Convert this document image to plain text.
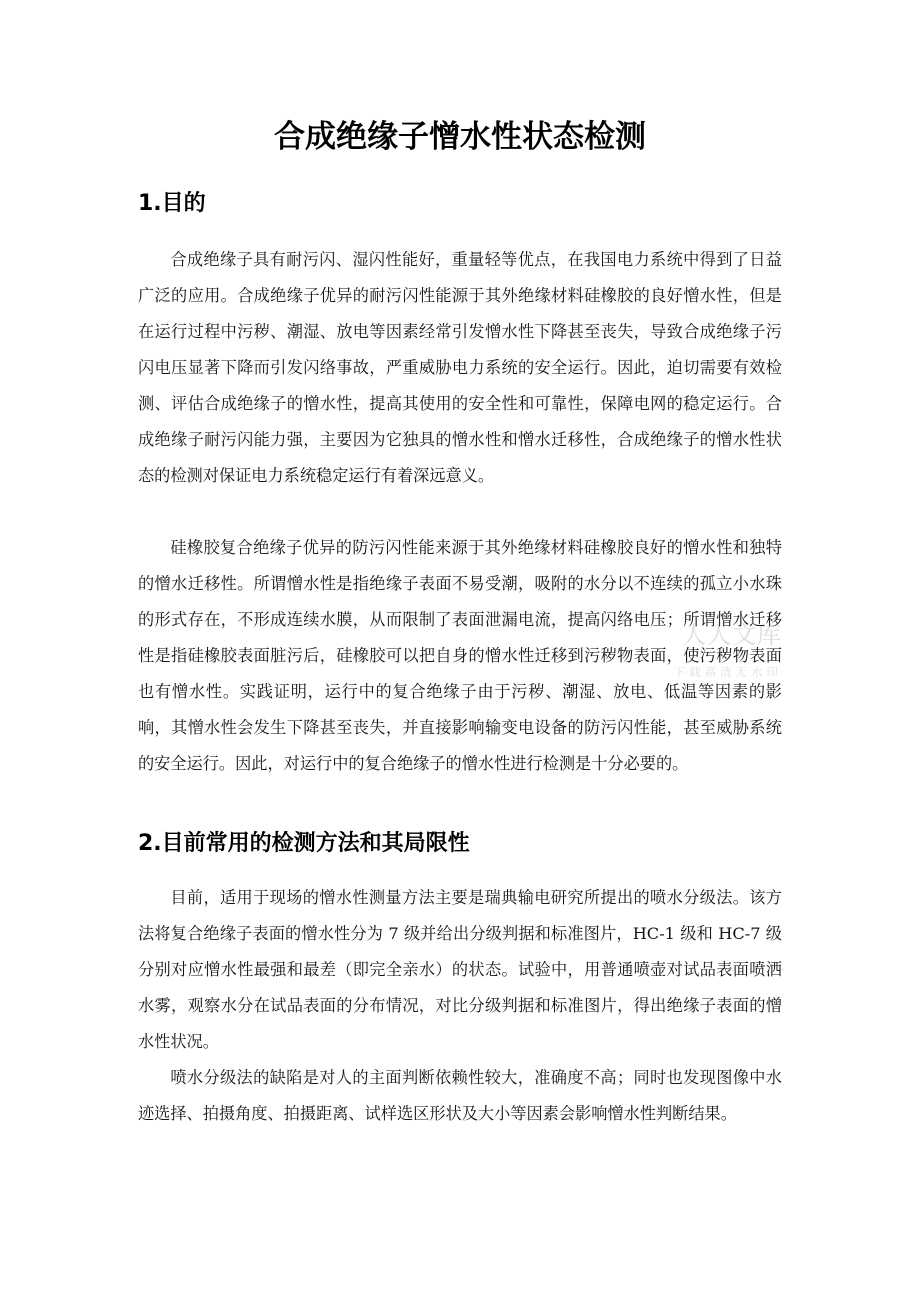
合成绝缘子憎水性状态检测
1.目的

合成绝缘子具有耐污闪、湿闪性能好，重量轻等优点，在我国电力系统中得到了日益广泛的应用。合成绝缘子优异的耐污闪性能源于其外绝缘材料硅橡胶的良好憎水性，但是在运行过程中污秽、潮湿、放电等因素经常引发憎水性下降甚至丧失，导致合成绝缘子污闪电压显著下降而引发闪络事故，严重威胁电力系统的安全运行。因此，迫切需要有效检测、评估合成绝缘子的憎水性，提高其使用的安全性和可靠性，保障电网的稳定运行。合成绝缘子耐污闪能力强，主要因为它独具的憎水性和憎水迁移性，合成绝缘子的憎水性状态的检测对保证电力系统稳定运行有着深远意义。

硅橡胶复合绝缘子优异的防污闪性能来源于其外绝缘材料硅橡胶良好的憎水性和独特的憎水迁移性。所谓憎水性是指绝缘子表面不易受潮，吸附的水分以不连续的孤立小水珠的形式存在，不形成连续水膜，从而限制了表面泄漏电流，提高闪络电压；所谓憎水迁移性是指硅橡胶表面脏污后，硅橡胶可以把自身的憎水性迁移到污秽物表面，使污秽物表面也有憎水性。实践证明，运行中的复合绝缘子由于污秽、潮湿、放电、低温等因素的影响，其憎水性会发生下降甚至丧失，并直接影响输变电设备的防污闪性能，甚至威胁系统的安全运行。因此，对运行中的复合绝缘子的憎水性进行检测是十分必要的。

2.目前常用的检测方法和其局限性

目前，适用于现场的憎水性测量方法主要是瑞典输电研究所提出的喷水分级法。该方法将复合绝缘子表面的憎水性分为 7 级并给出分级判据和标准图片，HC-1 级和 HC-7 级分别对应憎水性最强和最差（即完全亲水）的状态。试验中，用普通喷壶对试品表面喷洒水雾，观察水分在试品表面的分布情况，对比分级判据和标准图片，得出绝缘子表面的憎水性状况。

喷水分级法的缺陷是对人的主面判断依赖性较大，准确度不高；同时也发现图像中水迹选择、拍摄角度、拍摄距离、试样选区形状及大小等因素会影响憎水性判断结果。

人人文库
下载高清无水印
